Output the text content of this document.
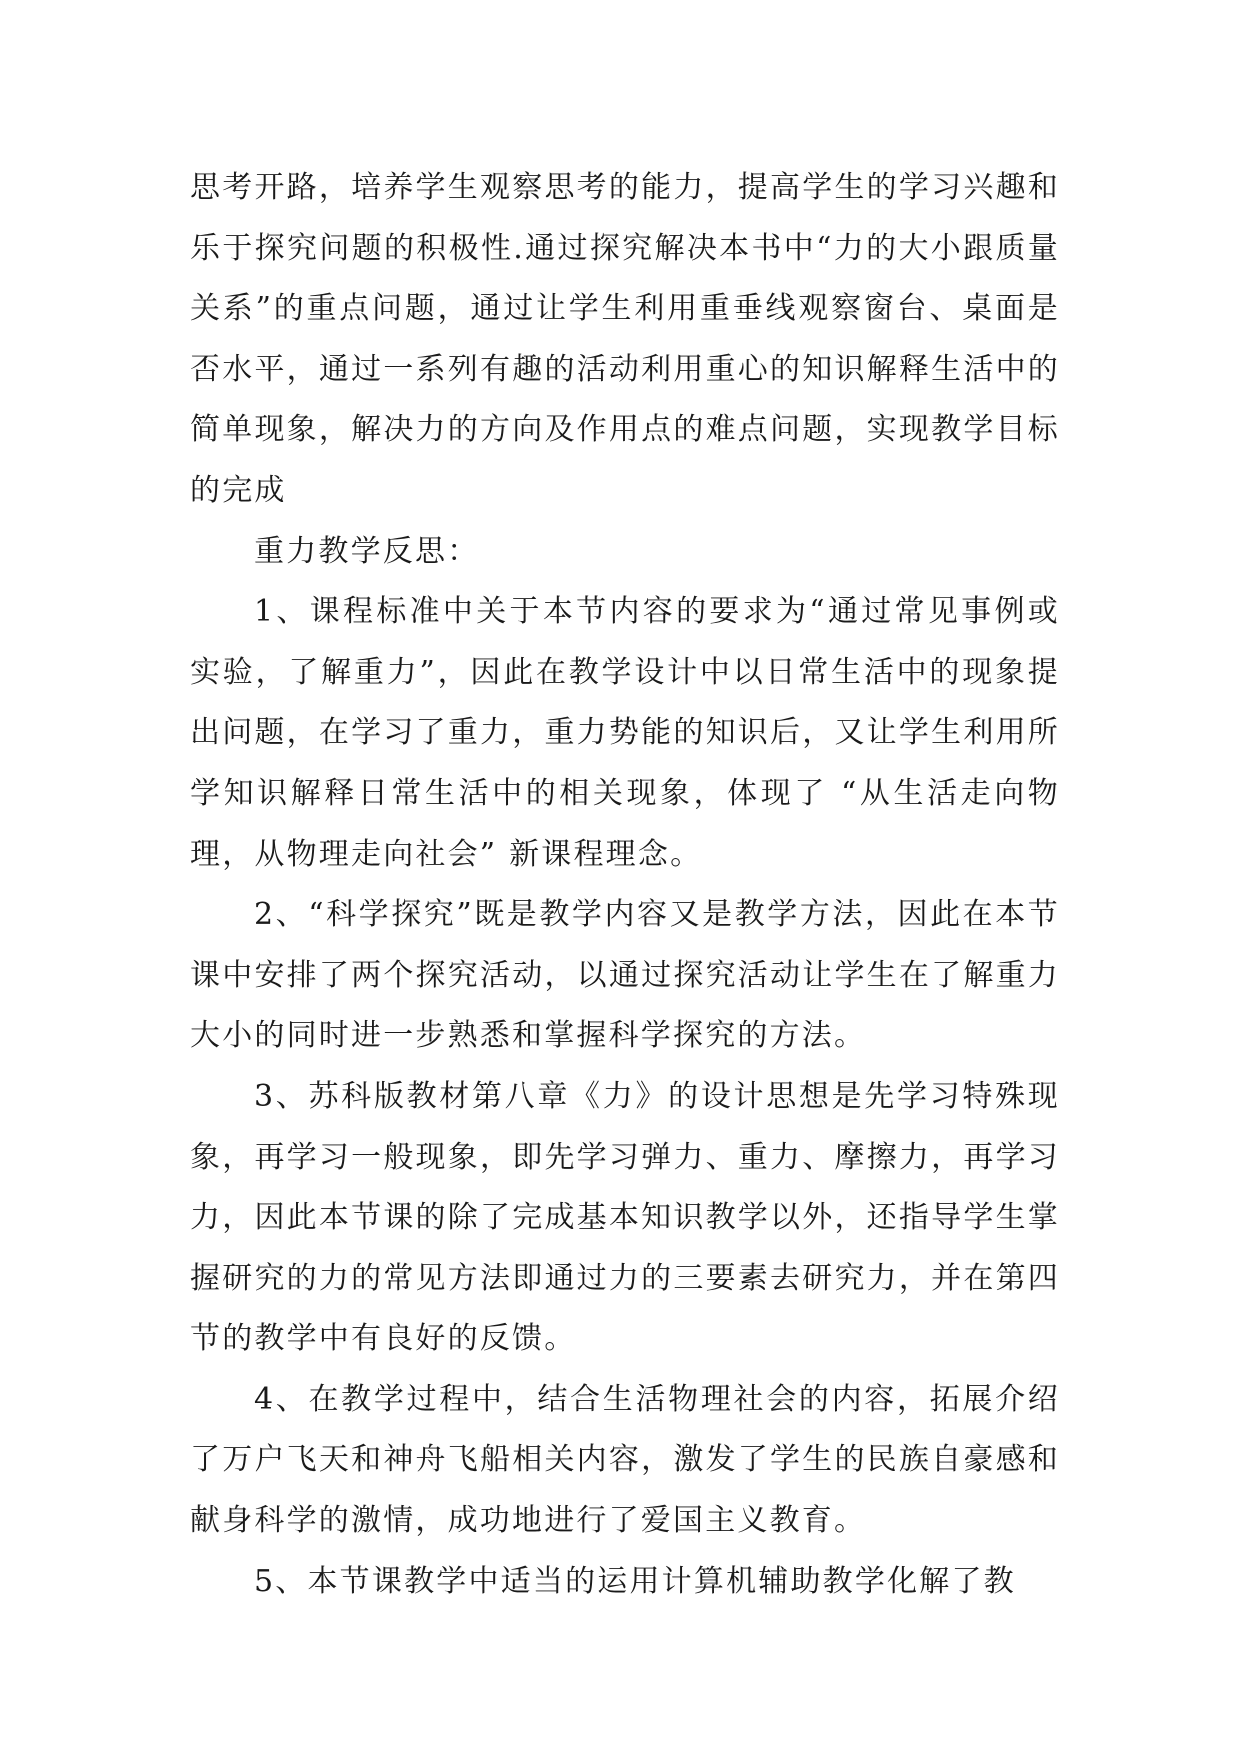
思考开路，培养学生观察思考的能力，提高学生的学习兴趣和乐于探究问题的积极性.通过探究解决本书中“力的大小跟质量关系”的重点问题，通过让学生利用重垂线观察窗台、桌面是否水平，通过一系列有趣的活动利用重心的知识解释生活中的简单现象，解决力的方向及作用点的难点问题，实现教学目标的完成

重力教学反思：

1、课程标准中关于本节内容的要求为“通过常见事例或实验，了解重力”，因此在教学设计中以日常生活中的现象提出问题，在学习了重力，重力势能的知识后，又让学生利用所学知识解释日常生活中的相关现象，体现了 “从生活走向物理，从物理走向社会” 新课程理念。

2、“科学探究”既是教学内容又是教学方法，因此在本节课中安排了两个探究活动，以通过探究活动让学生在了解重力大小的同时进一步熟悉和掌握科学探究的方法。

3、苏科版教材第八章《力》的设计思想是先学习特殊现象，再学习一般现象，即先学习弹力、重力、摩擦力，再学习力，因此本节课的除了完成基本知识教学以外，还指导学生掌握研究的力的常见方法即通过力的三要素去研究力，并在第四节的教学中有良好的反馈。

4、在教学过程中，结合生活物理社会的内容，拓展介绍了万户飞天和神舟飞船相关内容，激发了学生的民族自豪感和献身科学的激情，成功地进行了爱国主义教育。

5、本节课教学中适当的运用计算机辅助教学化解了教
